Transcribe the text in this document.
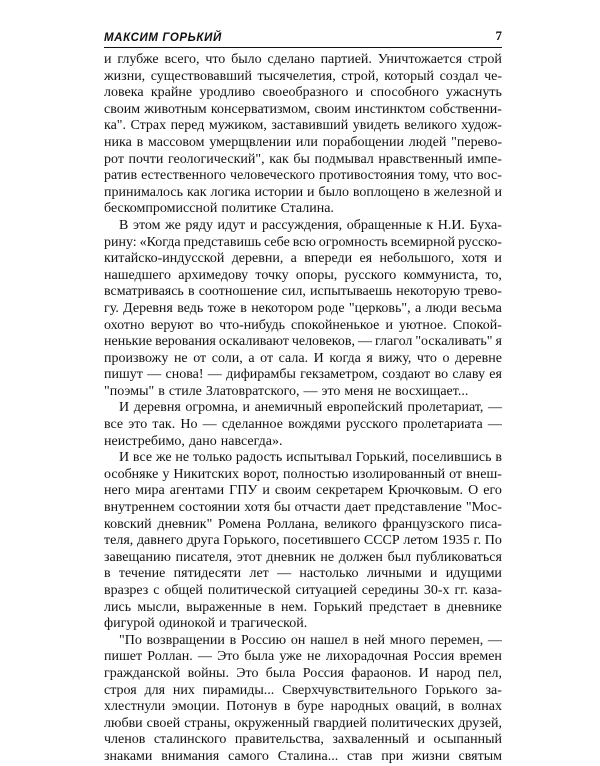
МАКСИМ ГОРЬКИЙ	7
и глубже всего, что было сделано партией. Уничтожается строй
жизни, существовавший тысячелетия, строй, который создал че-
ловека крайне уродливо своеобразного и способного ужаснуть
своим животным консерватизмом, своим инстинктом собственни-
ка". Страх перед мужиком, заставивший увидеть великого худож-
ника в массовом умерщвлении или порабощении людей "перево-
рот почти геологический", как бы подмывал нравственный импе-
ратив естественного человеческого противостояния тому, что вос-
принималось как логика истории и было воплощено в железной и
бескомпромиссной политике Сталина.
В этом же ряду идут и рассуждения, обращенные к Н.И. Буха-
рину: «Когда представишь себе всю огромность всемирной русско-
китайско-индусской деревни, а впереди ея небольшого, хотя и
нашедшего архимедову точку опоры, русского коммуниста, то,
всматриваясь в соотношение сил, испытываешь некоторую трево-
гу. Деревня ведь тоже в некотором роде "церковь", а люди весьма
охотно веруют во что-нибудь спокойненькое и уютное. Спокой-
ненькие верования оскаливают человеков, — глагол "оскаливать" я
произвожу не от соли, а от сала. И когда я вижу, что о деревне
пишут — снова! — дифирамбы гекзаметром, создают во славу ея
"поэмы" в стиле Златовратского, — это меня не восхищает...
И деревня огромна, и анемичный европейский пролетариат, —
все это так. Но — сделанное вождями русского пролетариата —
неистребимо, дано навсегда».
И все же не только радость испытывал Горький, поселившись в
особняке у Никитских ворот, полностью изолированный от внеш-
него мира агентами ГПУ и своим секретарем Крючковым. О его
внутреннем состоянии хотя бы отчасти дает представление "Мос-
ковский дневник" Ромена Роллана, великого французского писа-
теля, давнего друга Горького, посетившего СССР летом 1935 г. По
завещанию писателя, этот дневник не должен был публиковаться
в течение пятидесяти лет — настолько личными и идущими
вразрез с общей политической ситуацией середины 30-х гг. каза-
лись мысли, выраженные в нем. Горький предстает в дневнике
фигурой одинокой и трагической.
"По возвращении в Россию он нашел в ней много перемен, —
пишет Роллан. — Это была уже не лихорадочная Россия времен
гражданской войны. Это была Россия фараонов. И народ пел,
строя для них пирамиды... Сверхчувствительного Горького за-
хлестнули эмоции. Потонув в буре народных оваций, в волнах
любви своей страны, окруженный гвардией политических друзей,
членов сталинского правительства, захваленный и осыпанный
знаками внимания самого Сталина... став при жизни святым
